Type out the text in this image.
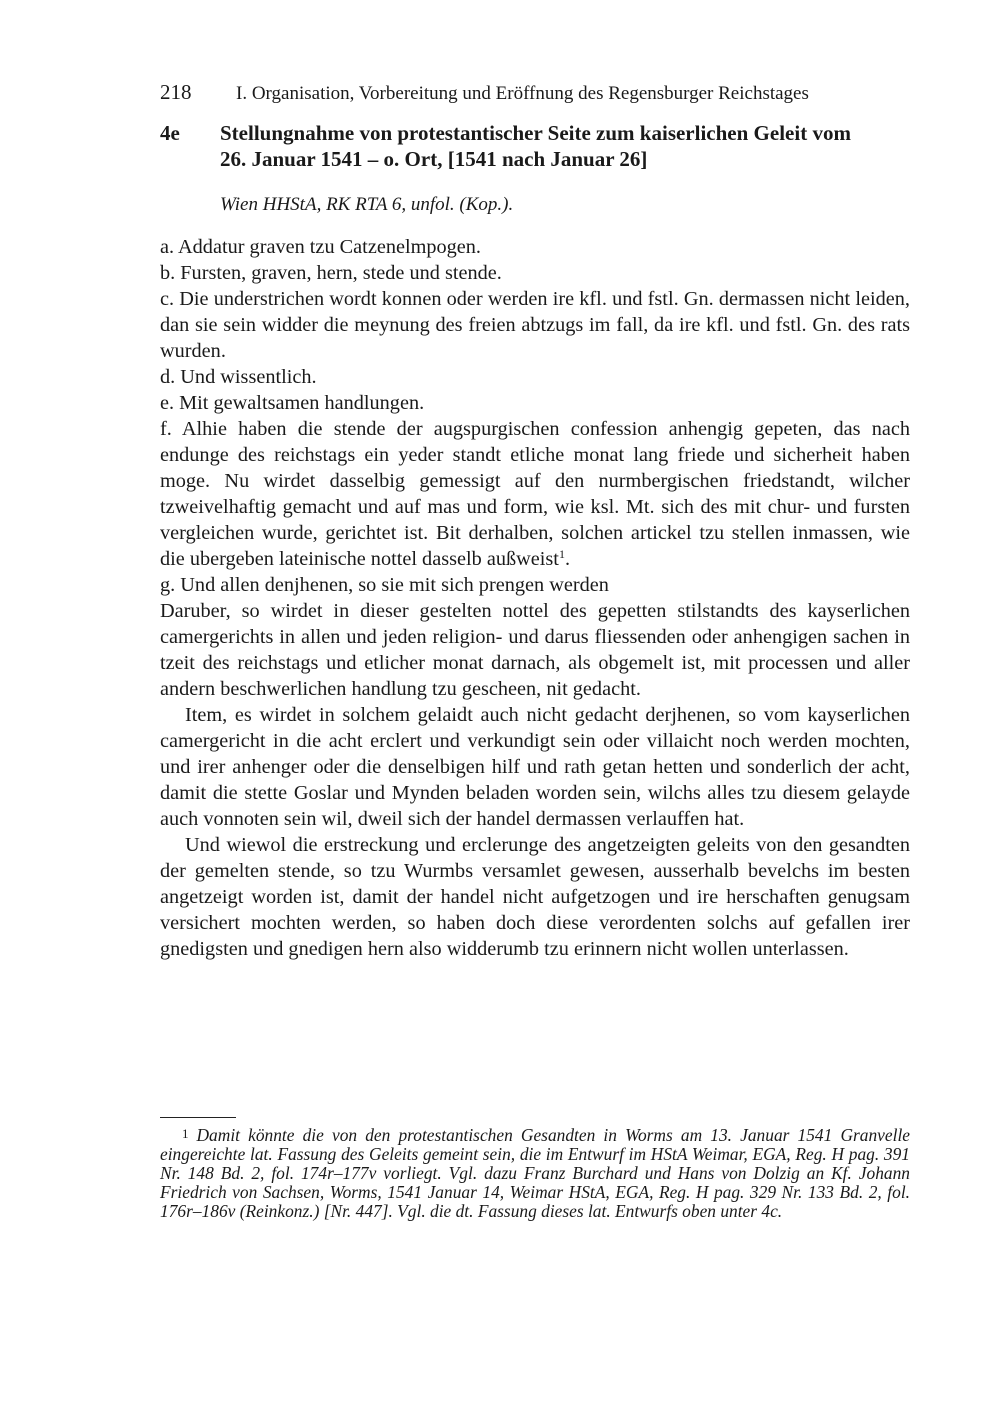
218 I. Organisation, Vorbereitung und Eröffnung des Regensburger Reichstages
4e Stellungnahme von protestantischer Seite zum kaiserlichen Geleit vom
26. Januar 1541 – o. Ort, [1541 nach Januar 26]
Wien HHStA, RK RTA 6, unfol. (Kop.).

a. Addatur graven tzu Catzenelmpogen.

b. Fursten, graven, hern, stede und stende.

c. Die understrichen wordt konnen oder werden ire kfl. und fstl. Gn. dermassen nicht leiden, dan sie sein widder die meynung des freien abtzugs im fall, da ire kfl. und fstl. Gn. des rats wurden.

d. Und wissentlich.

e. Mit gewaltsamen handlungen.

f. Alhie haben die stende der augspurgischen confession anhengig gepeten, das nach endunge des reichstags ein yeder standt etliche monat lang friede und sicherheit haben moge. Nu wirdet dasselbig gemessigt auf den nurmbergischen friedstandt, wilcher tzweivelhaftig gemacht und auf mas und form, wie ksl. Mt. sich des mit chur- und fursten vergleichen wurde, gerichtet ist. Bit derhalben, solchen artickel tzu stellen inmassen, wie die ubergeben lateinische nottel dasselb außweist$^1$.

g. Und allen denjhenen, so sie mit sich prengen werden

Daruber, so wirdet in dieser gestelten nottel des gepetten stilstandts des kayserlichen camergerichts in allen und jeden religion- und darus fliessenden oder anhengigen sachen in tzeit des reichstags und etlicher monat darnach, als obgemelt ist, mit processen und aller andern beschwerlichen handlung tzu gescheen, nit gedacht.

Item, es wirdet in solchem gelaidt auch nicht gedacht derjhenen, so vom kayserlichen camergericht in die acht erclert und verkundigt sein oder villaicht noch werden mochten, und irer anhenger oder die denselbigen hilf und rath getan hetten und sonderlich der acht, damit die stette Goslar und Mynden beladen worden sein, wilchs alles tzu diesem gelayde auch vonnoten sein wil, dweil sich der handel dermassen verlauffen hat.

Und wiewol die erstreckung und erclerunge des angetzeigten geleits von den gesandten der gemelten stende, so tzu Wurmbs versamlet gewesen, ausserhalb bevelchs im besten angetzeigt worden ist, damit der handel nicht aufgetzogen und ire herschaften genugsam versichert mochten werden, so haben doch diese verordenten solchs auf gefallen irer gnedigsten und gnedigen hern also widderumb tzu erinnern nicht wollen unterlassen.

1 Damit könnte die von den protestantischen Gesandten in Worms am 13. Januar 1541 Granvelle eingereichte lat. Fassung des Geleits gemeint sein, die im Entwurf im HStA Weimar, EGA, Reg. H pag. 391 Nr. 148 Bd. 2, fol. 174r–177v vorliegt. Vgl. dazu Franz Burchard und Hans von Dolzig an Kf. Johann Friedrich von Sachsen, Worms, 1541 Januar 14, Weimar HStA, EGA, Reg. H pag. 329 Nr. 133 Bd. 2, fol. 176r–186v (Reinkonz.) [Nr. 447]. Vgl. die dt. Fassung dieses lat. Entwurfs oben unter 4c.
